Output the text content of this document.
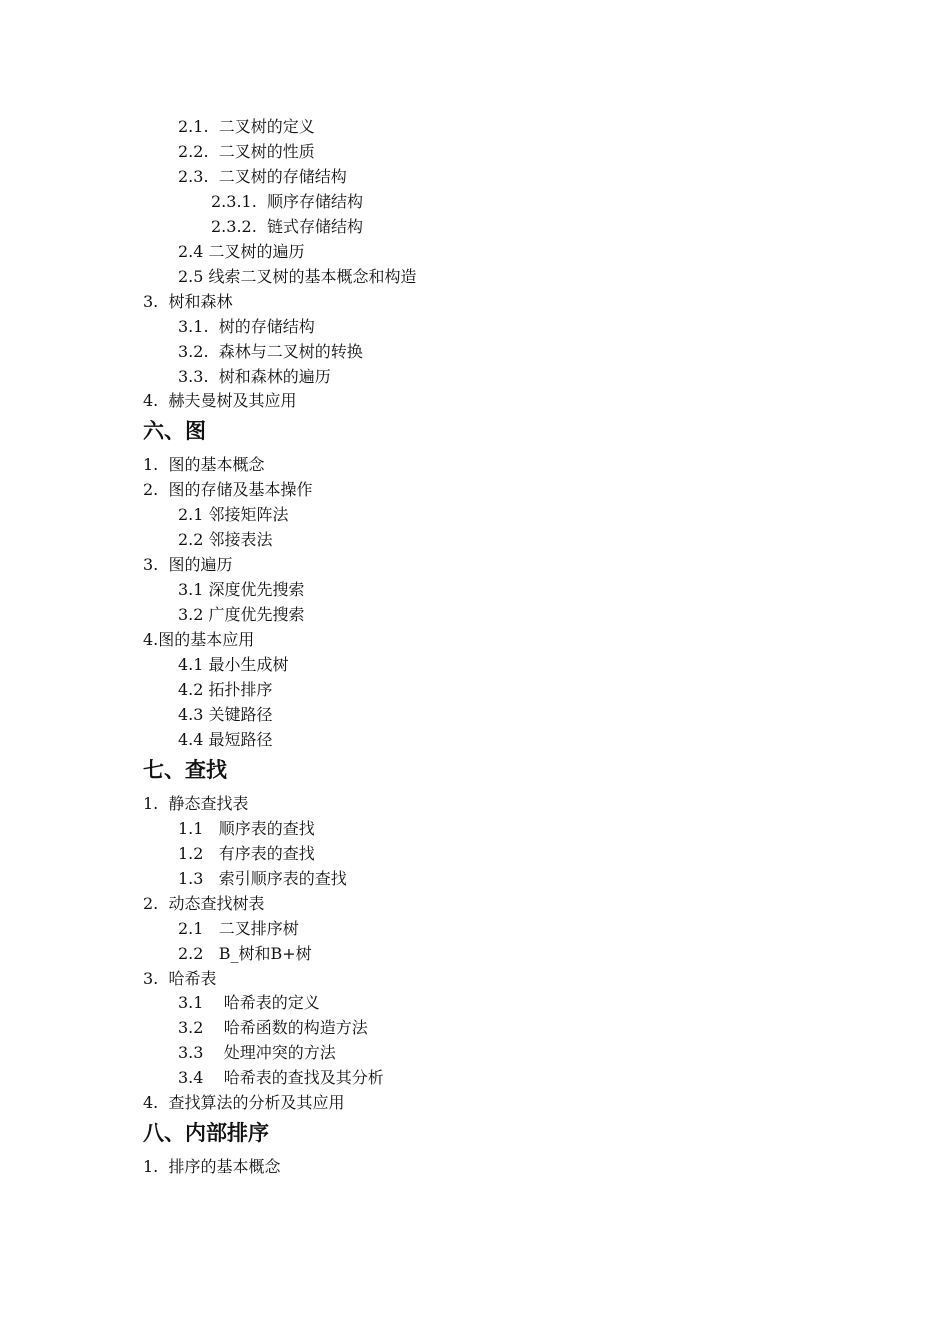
2.1.  二叉树的定义
2.2.  二叉树的性质
2.3.  二叉树的存储结构
2.3.1.  顺序存储结构
2.3.2.  链式存储结构
2.4 二叉树的遍历
2.5 线索二叉树的基本概念和构造
3.  树和森林
3.1.  树的存储结构
3.2.  森林与二叉树的转换
3.3.  树和森林的遍历
4.  赫夫曼树及其应用
六、图
1.  图的基本概念
2.  图的存储及基本操作
2.1 邻接矩阵法
2.2 邻接表法
3.  图的遍历
3.1 深度优先搜索
3.2 广度优先搜索
4.图的基本应用
4.1 最小生成树
4.2 拓扑排序
4.3 关键路径
4.4 最短路径
七、查找
1.  静态查找表
1.1   顺序表的查找
1.2   有序表的查找
1.3   索引顺序表的查找
2.  动态查找树表
2.1   二叉排序树
2.2   B_树和B+树
3.  哈希表
3.1    哈希表的定义
3.2    哈希函数的构造方法
3.3    处理冲突的方法
3.4    哈希表的查找及其分析
4.  查找算法的分析及其应用
八、内部排序
1.  排序的基本概念
